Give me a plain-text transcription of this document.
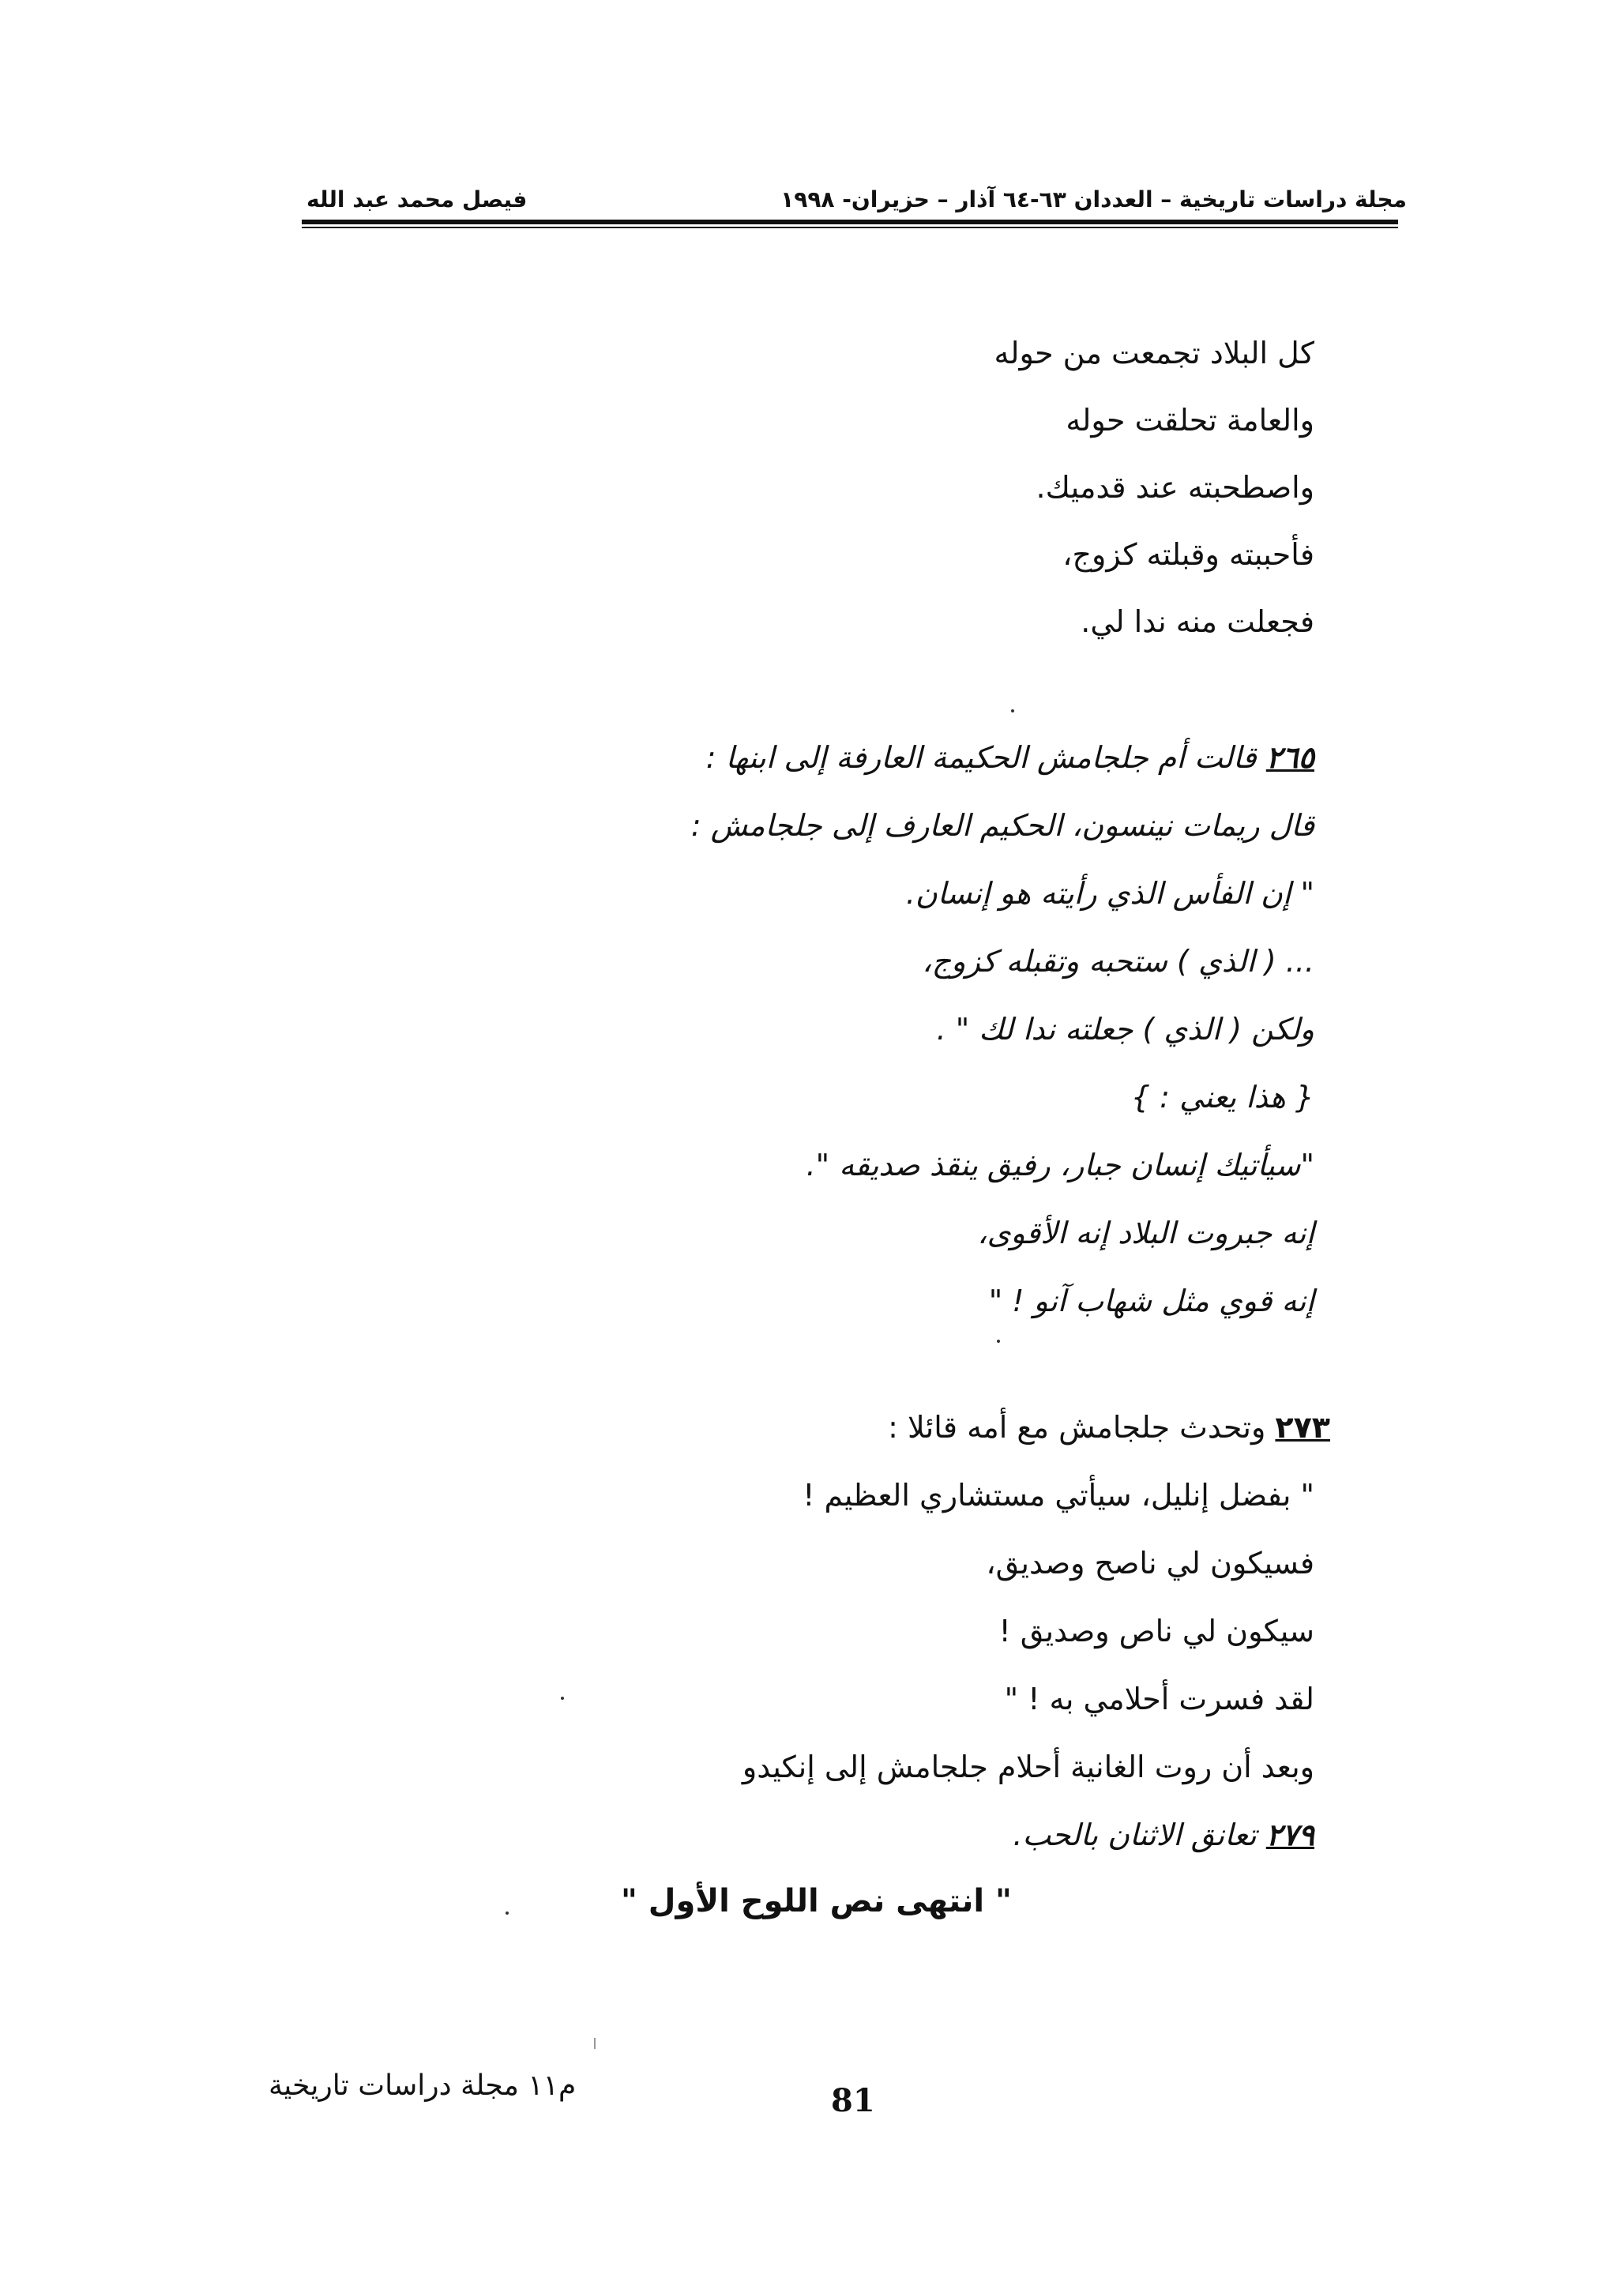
مجلة دراسات تاريخية – العددان ٦٣-٦٤ آذار – حزيران- ١٩٩٨
فيصل محمد عبد الله
كل البلاد تجمعت من حوله
والعامة تحلقت حوله
واصطحبته عند قدميك.
فأحببته وقبلته كزوج،
فجعلت منه ندا لي.
٢٦٥ قالت أم جلجامش الحكيمة العارفة إلى ابنها :
قال ريمات نينسون، الحكيم العارف إلى جلجامش :
" إن الفأس الذي رأيته هو إنسان.
... ( الذي ) ستحبه وتقبله كزوج،
ولكن ( الذي ) جعلته ندا لك " .
{ هذا يعني : }
"سيأتيك إنسان جبار، رفيق ينقذ صديقه ".
إنه جبروت البلاد إنه الأقوى،
إنه قوي مثل شهاب آنو ! "
٢٧٣ وتحدث جلجامش مع أمه قائلا :
" بفضل إنليل، سيأتي مستشاري العظيم !
فسيكون لي ناصح وصديق،
سيكون لي ناص وصديق !
لقد فسرت أحلامي به ! "
وبعد أن روت الغانية أحلام جلجامش إلى إنكيدو
٢٧٩ تعانق الاثنان بالحب.
" انتهى نص اللوح الأول "
م١١ مجلة دراسات تاريخية	81
